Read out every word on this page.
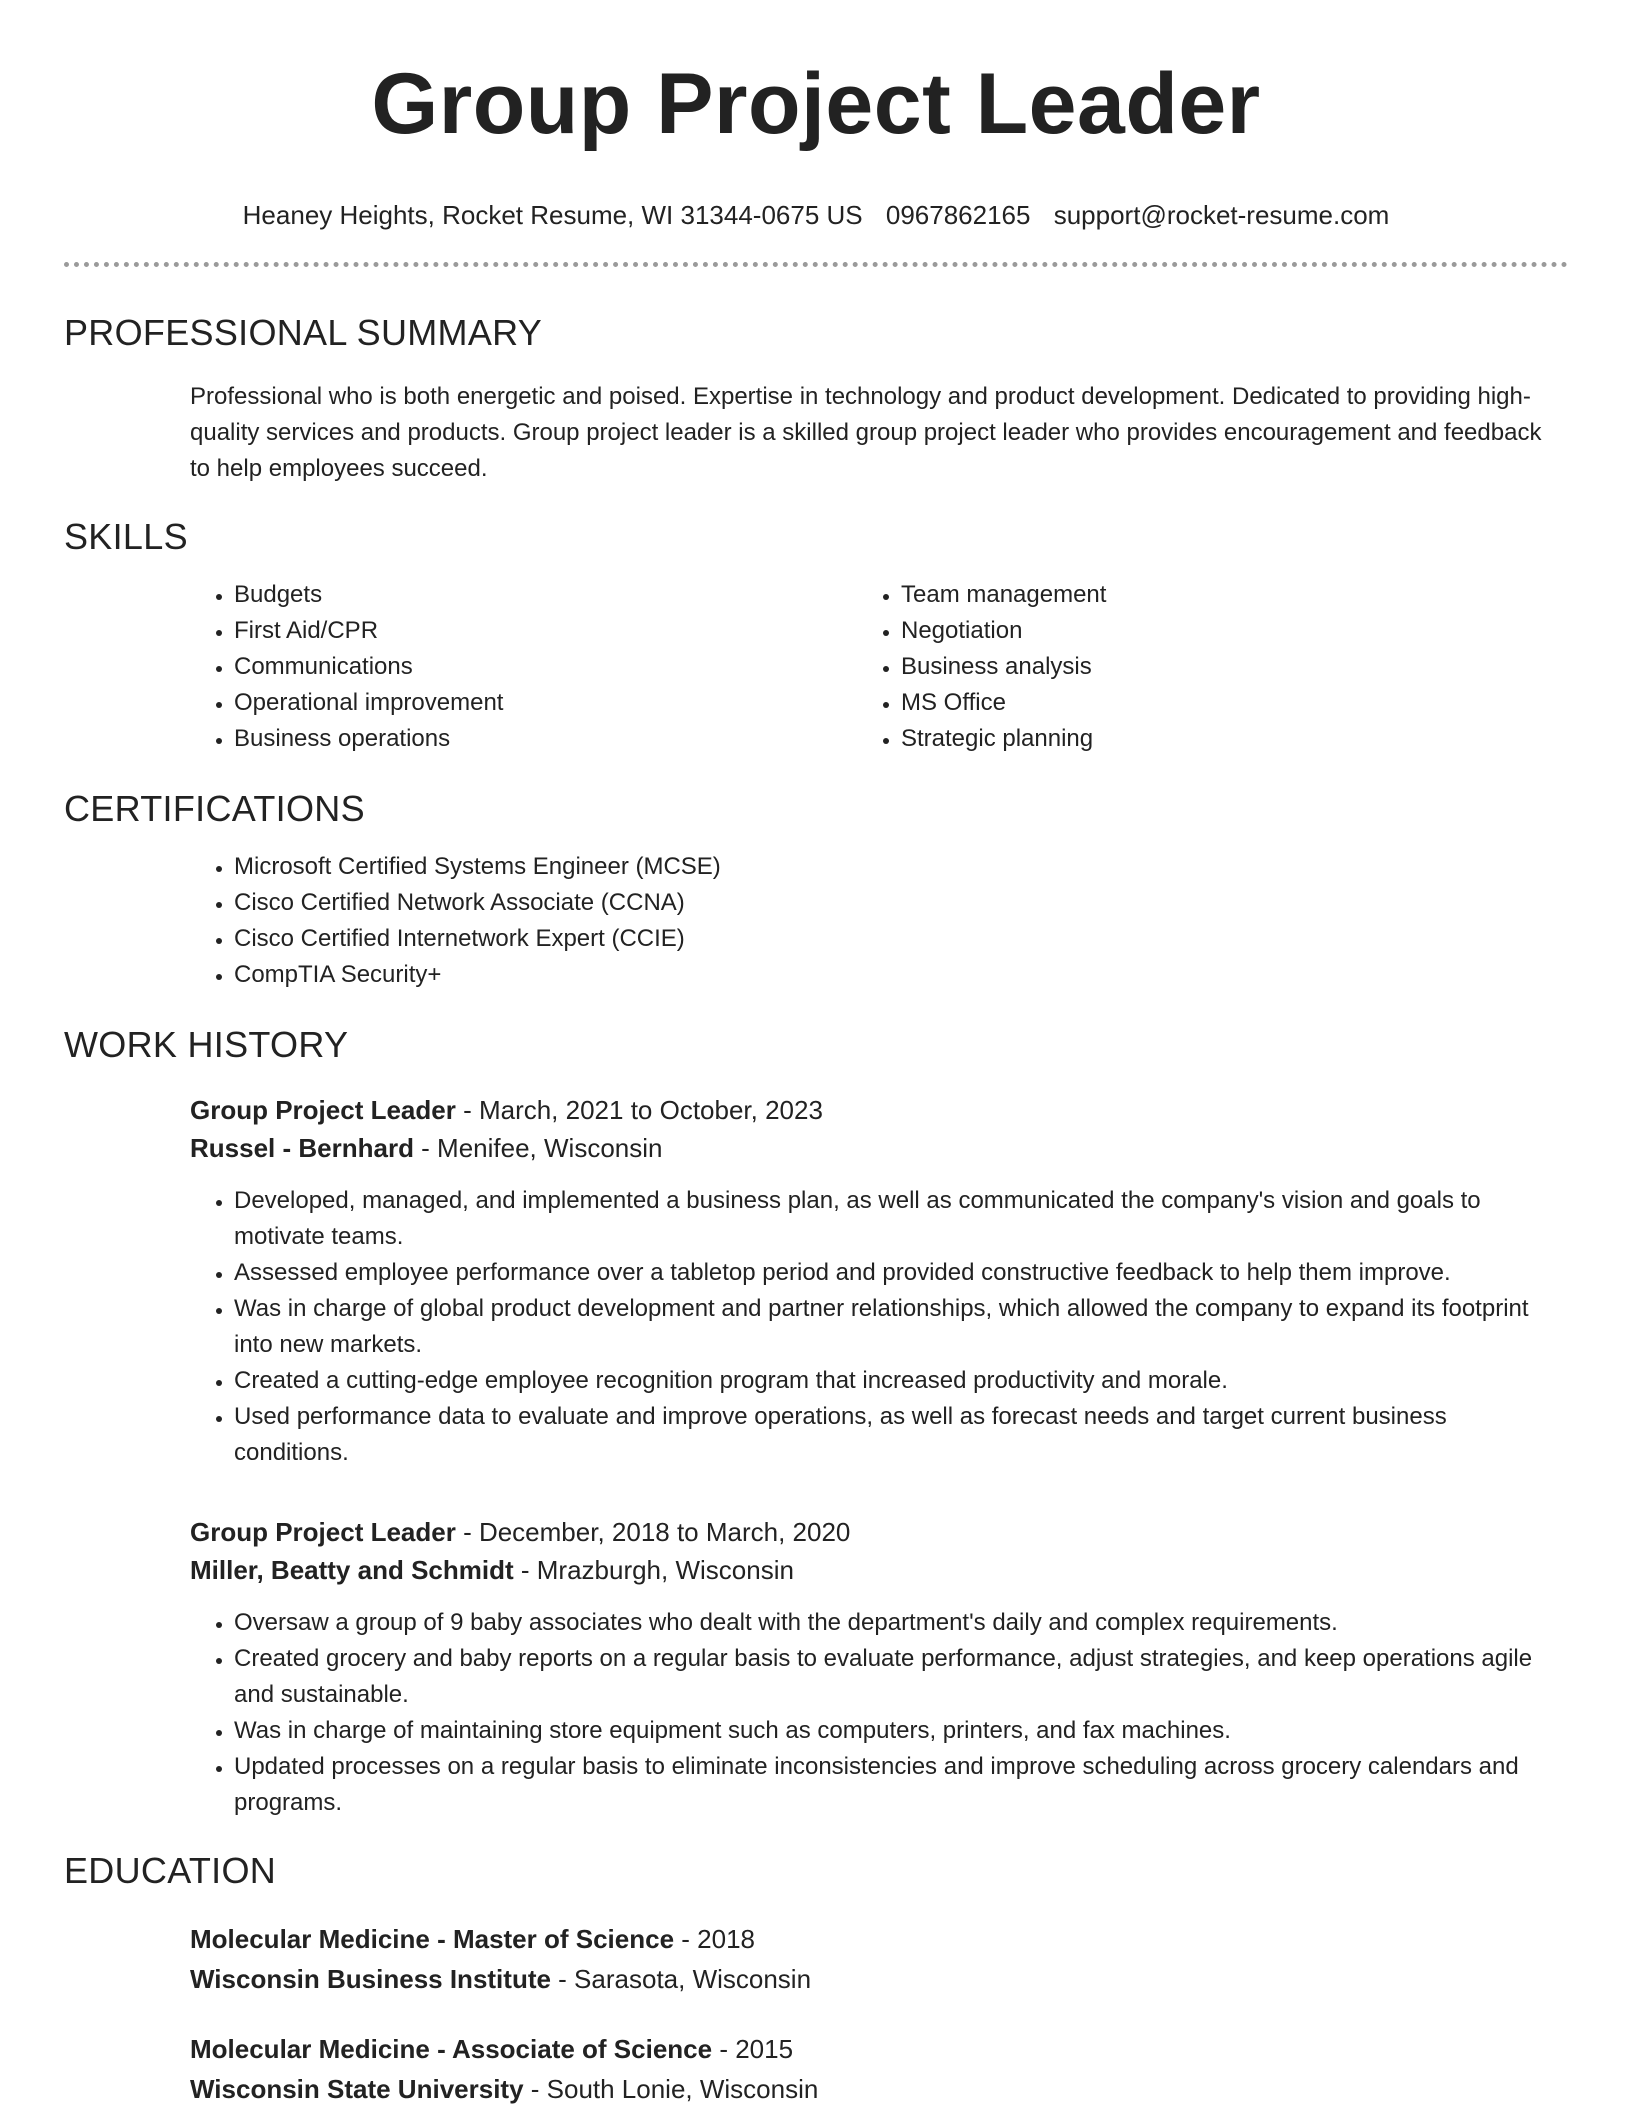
Group Project Leader
Heaney Heights, Rocket Resume, WI 31344-0675 US 0967862165 support@rocket-resume.com
PROFESSIONAL SUMMARY
Professional who is both energetic and poised. Expertise in technology and product development. Dedicated to providing high-quality services and products. Group project leader is a skilled group project leader who provides encouragement and feedback to help employees succeed.
SKILLS
• Budgets
• First Aid/CPR
• Communications
• Operational improvement
• Business operations
• Team management
• Negotiation
• Business analysis
• MS Office
• Strategic planning
CERTIFICATIONS
• Microsoft Certified Systems Engineer (MCSE)
• Cisco Certified Network Associate (CCNA)
• Cisco Certified Internetwork Expert (CCIE)
• CompTIA Security+
WORK HISTORY
Group Project Leader - March, 2021 to October, 2023
Russel - Bernhard - Menifee, Wisconsin
• Developed, managed, and implemented a business plan, as well as communicated the company's vision and goals to motivate teams.
• Assessed employee performance over a tabletop period and provided constructive feedback to help them improve.
• Was in charge of global product development and partner relationships, which allowed the company to expand its footprint into new markets.
• Created a cutting-edge employee recognition program that increased productivity and morale.
• Used performance data to evaluate and improve operations, as well as forecast needs and target current business conditions.
Group Project Leader - December, 2018 to March, 2020
Miller, Beatty and Schmidt - Mrazburgh, Wisconsin
• Oversaw a group of 9 baby associates who dealt with the department's daily and complex requirements.
• Created grocery and baby reports on a regular basis to evaluate performance, adjust strategies, and keep operations agile and sustainable.
• Was in charge of maintaining store equipment such as computers, printers, and fax machines.
• Updated processes on a regular basis to eliminate inconsistencies and improve scheduling across grocery calendars and programs.
EDUCATION
Molecular Medicine - Master of Science - 2018
Wisconsin Business Institute - Sarasota, Wisconsin
Molecular Medicine - Associate of Science - 2015
Wisconsin State University - South Lonie, Wisconsin
